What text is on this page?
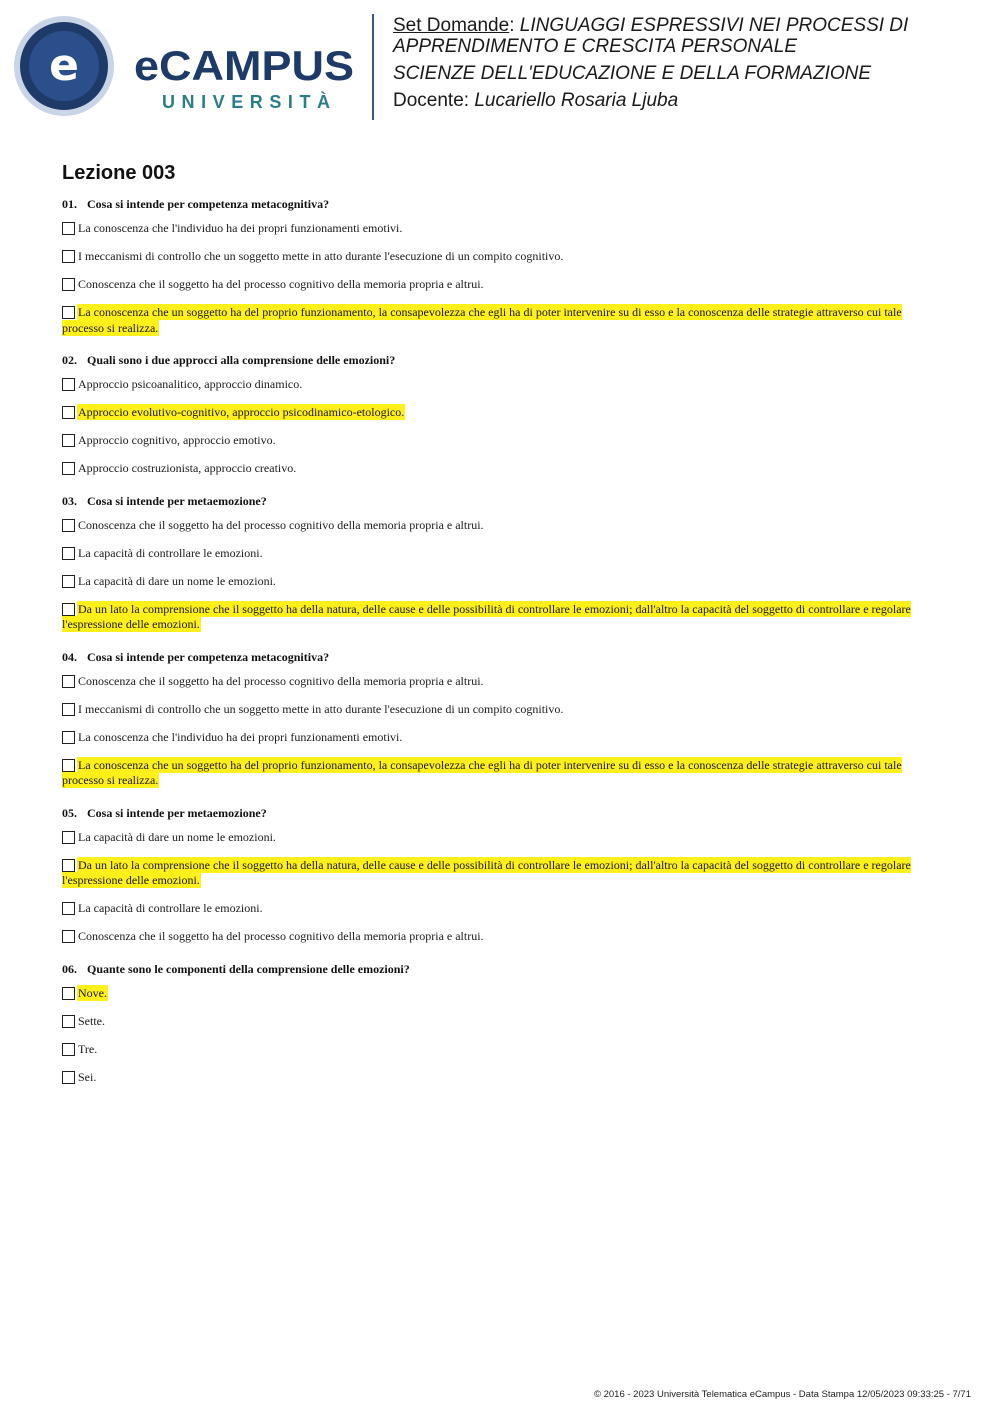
e eCAMPUS
UNIVERSITÀ
Set Domande: LINGUAGGI ESPRESSIVI NEI PROCESSI DI
APPRENDIMENTO E CRESCITA PERSONALE
SCIENZE DELL'EDUCAZIONE E DELLA FORMAZIONE
Docente: Lucariello Rosaria Ljuba
Lezione 003
01. Cosa si intende per competenza metacognitiva?
La conoscenza che l'individuo ha dei propri funzionamenti emotivi.
I meccanismi di controllo che un soggetto mette in atto durante l'esecuzione di un compito cognitivo.
Conoscenza che il soggetto ha del processo cognitivo della memoria propria e altrui.
La conoscenza che un soggetto ha del proprio funzionamento, la consapevolezza che egli ha di poter intervenire su di esso e la conoscenza delle strategie attraverso cui tale processo si realizza.
02. Quali sono i due approcci alla comprensione delle emozioni?
Approccio psicoanalitico, approccio dinamico.
Approccio evolutivo-cognitivo, approccio psicodinamico-etologico.
Approccio cognitivo, approccio emotivo.
Approccio costruzionista, approccio creativo.
03. Cosa si intende per metaemozione?
Conoscenza che il soggetto ha del processo cognitivo della memoria propria e altrui.
La capacità di controllare le emozioni.
La capacità di dare un nome le emozioni.
Da un lato la comprensione che il soggetto ha della natura, delle cause e delle possibilità di controllare le emozioni; dall'altro la capacità del soggetto di controllare e regolare l'espressione delle emozioni.
04. Cosa si intende per competenza metacognitiva?
Conoscenza che il soggetto ha del processo cognitivo della memoria propria e altrui.
I meccanismi di controllo che un soggetto mette in atto durante l'esecuzione di un compito cognitivo.
La conoscenza che l'individuo ha dei propri funzionamenti emotivi.
La conoscenza che un soggetto ha del proprio funzionamento, la consapevolezza che egli ha di poter intervenire su di esso e la conoscenza delle strategie attraverso cui tale processo si realizza.
05. Cosa si intende per metaemozione?
La capacità di dare un nome le emozioni.
Da un lato la comprensione che il soggetto ha della natura, delle cause e delle possibilità di controllare le emozioni; dall'altro la capacità del soggetto di controllare e regolare l'espressione delle emozioni.
La capacità di controllare le emozioni.
Conoscenza che il soggetto ha del processo cognitivo della memoria propria e altrui.
06. Quante sono le componenti della comprensione delle emozioni?
Nove.
Sette.
Tre.
Sei.
© 2016 - 2023 Università Telematica eCampus - Data Stampa 12/05/2023 09:33:25 - 7/71
